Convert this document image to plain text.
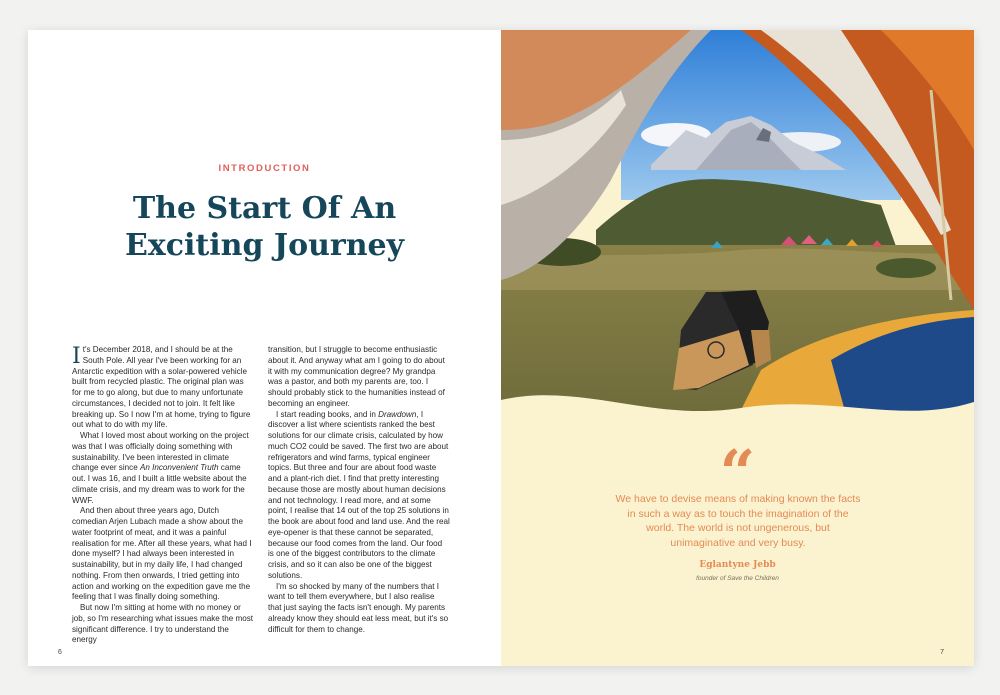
INTRODUCTION
The Start Of An
Exciting Journey

It's December 2018, and I should be at the South Pole. All year I've been working for an Antarctic expedition with a solar-powered vehicle built from recycled plastic. The original plan was for me to go along, but due to many unfortunate circumstances, I decided not to join. It felt like breaking up. So I now I'm at home, trying to figure out what to do with my life.

What I loved most about working on the project was that I was officially doing something with sustainability. I've been interested in climate change ever since An Inconvenient Truth came out. I was 16, and I built a little website about the climate crisis, and my dream was to work for the WWF.

And then about three years ago, Dutch comedian Arjen Lubach made a show about the water footprint of meat, and it was a painful realisation for me. After all these years, what had I done myself? I had always been interested in sustainability, but in my daily life, I had changed nothing. From then onwards, I tried getting into action and working on the expedition gave me the feeling that I was finally doing something.

But now I'm sitting at home with no money or job, so I'm researching what issues make the most significant difference. I try to understand the energy

transition, but I struggle to become enthusiastic about it. And anyway what am I going to do about it with my communication degree? My grandpa was a pastor, and both my parents are, too. I should probably stick to the humanities instead of becoming an engineer.

I start reading books, and in Drawdown, I discover a list where scientists ranked the best solutions for our climate crisis, calculated by how much CO2 could be saved. The first two are about refrigerators and wind farms, typical engineer topics. But three and four are about food waste and a plant-rich diet. I find that pretty interesting because those are mostly about human decisions and not technology. I read more, and at some point, I realise that 14 out of the top 25 solutions in the book are about food and land use. And the real eye-opener is that these cannot be separated, because our food comes from the land. Our food is one of the biggest contributors to the climate crisis, and so it can also be one of the biggest solutions.

I'm so shocked by many of the numbers that I want to tell them everywhere, but I also realise that just saying the facts isn't enough. My parents already know they should eat less meat, but it's so difficult for them to change.

6
“
We have to devise means of making known the facts in such a way as to touch the imagination of the world. The world is not ungenerous, but unimaginative and very busy.
Eglantyne Jebb
founder of Save the Children
7
